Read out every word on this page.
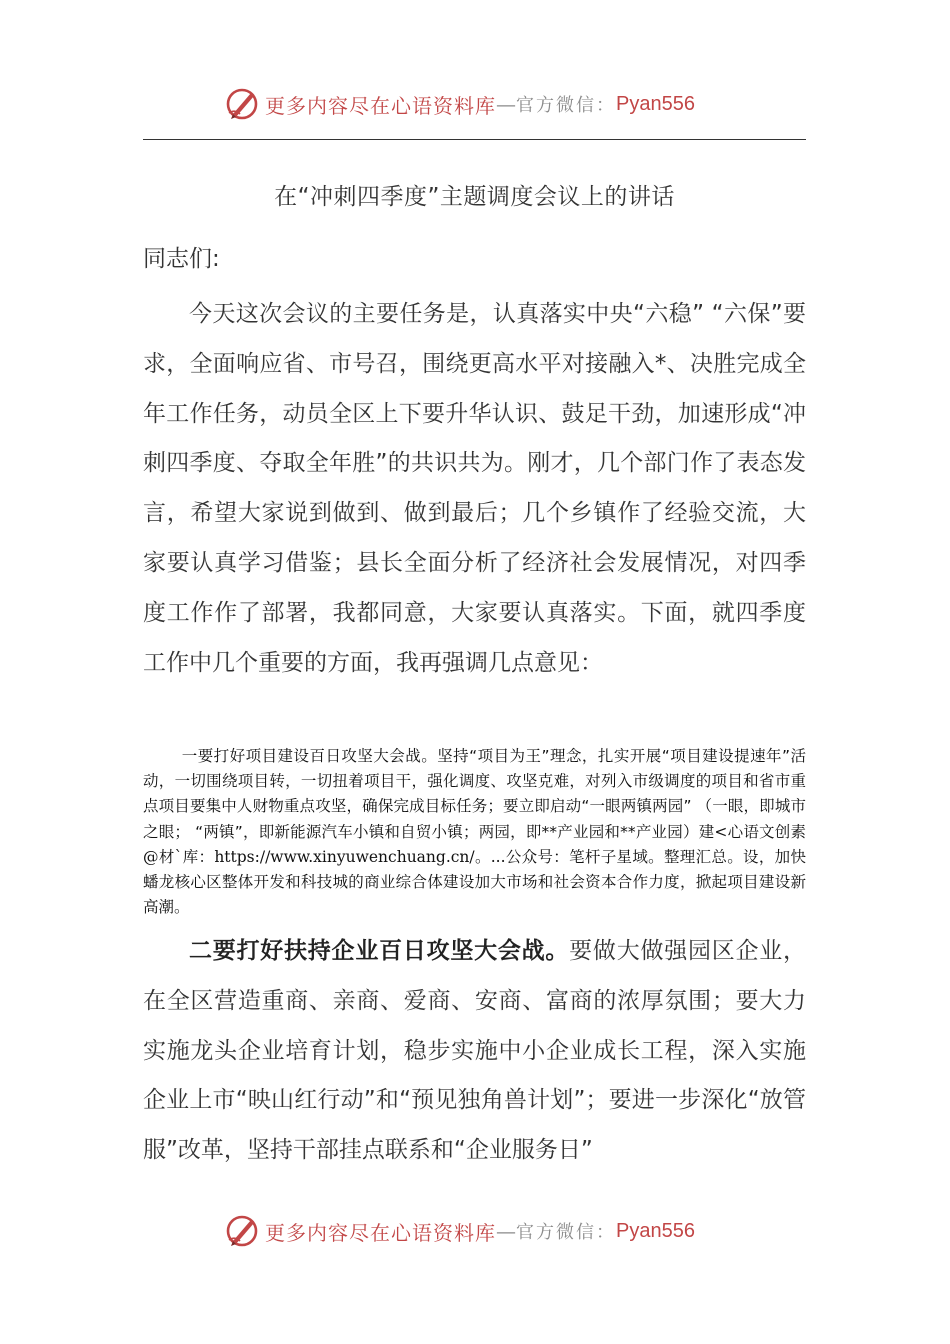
更多内容尽在心语资料库 — 官方微信： Pyan556
在“冲刺四季度”主题调度会议上的讲话
同志们:

今天这次会议的主要任务是，认真落实中央“六稳” “六保”要求，全面响应省、市号召，围绕更高水平对接融入*、决胜完成全年工作任务，动员全区上下要升华认识、鼓足干劲，加速形成“冲刺四季度、夺取全年胜”的共识共为。刚才，几个部门作了表态发言，希望大家说到做到、做到最后；几个乡镇作了经验交流，大家要认真学习借鉴；县长全面分析了经济社会发展情况，对四季度工作作了部署，我都同意，大家要认真落实。下面，就四季度工作中几个重要的方面，我再强调几点意见：

一要打好项目建设百日攻坚大会战。坚持“项目为王”理念，扎实开展“项目建设提速年”活动，一切围绕项目转，一切扭着项目干，强化调度、攻坚克难，对列入市级调度的项目和省市重点项目要集中人财物重点攻坚，确保完成目标任务；要立即启动“一眼两镇两园” （一眼，即城市之眼； “两镇”，即新能源汽车小镇和自贸小镇；两园，即**产业园和**产业园）建<心语文创素@材`库：https://www.xinyuwenchuang.cn/。...公众号：笔杆子星域。整理汇总。设，加快蟠龙核心区整体开发和科技城的商业综合体建设加大市场和社会资本合作力度，掀起项目建设新高潮。

二要打好扶持企业百日攻坚大会战。要做大做强园区企业，在全区营造重商、亲商、爱商、安商、富商的浓厚氛围；要大力实施龙头企业培育计划，稳步实施中小企业成长工程，深入实施企业上市“映山红行动”和“预见独角兽计划”；要进一步深化“放管服”改革，坚持干部挂点联系和“企业服务日”

更多内容尽在心语资料库 — 官方微信： Pyan556
